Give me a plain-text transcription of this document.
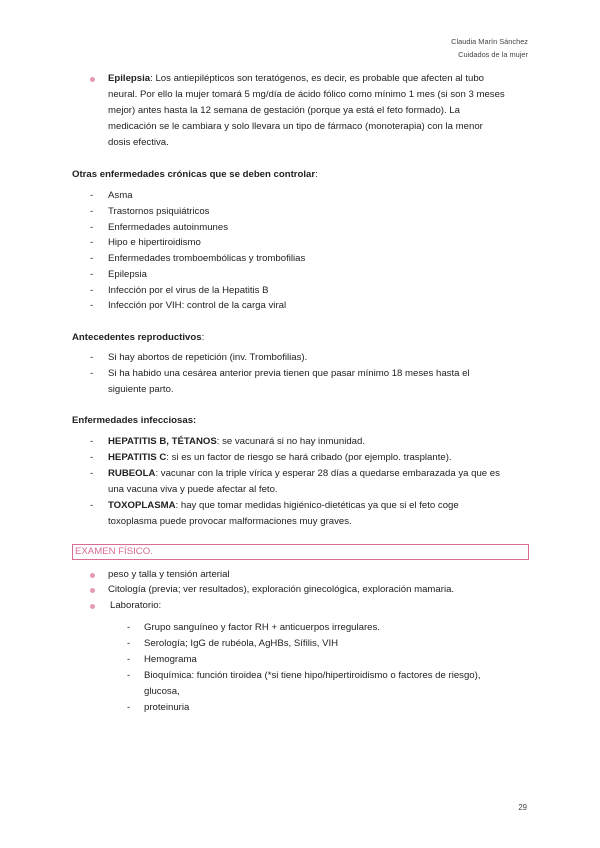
Claudia Marín Sánchez
Cuidados de la mujer
Epilepsia: Los antiepilépticos son teratógenos, es decir, es probable que afecten al tubo
neural. Por ello la mujer tomará 5 mg/día de ácido fólico como mínimo 1 mes (si son 3 meses
mejor) antes hasta la 12 semana de gestación (porque ya está el feto formado). La
medicación se le cambiara y solo llevara un tipo de fármaco (monoterapia) con la menor
dosis efectiva.
Otras enfermedades crónicas que se deben controlar:
- Asma
- Trastornos psiquiátricos
- Enfermedades autoinmunes
- Hipo e hipertiroidismo
- Enfermedades tromboembólicas y trombofilias
- Epilepsia
- Infección por el virus de la Hepatitis B
- Infección por VIH: control de la carga viral
Antecedentes reproductivos:
- Si hay abortos de repetición (inv. Trombofilias).
- Si ha habido una cesárea anterior previa tienen que pasar mínimo 18 meses hasta el
siguiente parto.
Enfermedades infecciosas:
- HEPATITIS B, TÉTANOS: se vacunará si no hay inmunidad.
- HEPATITIS C: si es un factor de riesgo se hará cribado (por ejemplo. trasplante).
- RUBEOLA: vacunar con la triple vírica y esperar 28 días a quedarse embarazada ya que es
una vacuna viva y puede afectar al feto.
- TOXOPLASMA: hay que tomar medidas higiénico-dietéticas ya que si el feto coge
toxoplasma puede provocar malformaciones muy graves.
EXAMEN FÍSICO.
peso y talla y tensión arterial
Citología (previa; ver resultados), exploración ginecológica, exploración mamaria.
Laboratorio:
- Grupo sanguíneo y factor RH + anticuerpos irregulares.
- Serología; IgG de rubéola, AgHBs, Sífilis, VIH
- Hemograma
- Bioquímica: función tiroidea (*si tiene hipo/hipertiroidismo o factores de riesgo),
glucosa,
- proteinuria
29
